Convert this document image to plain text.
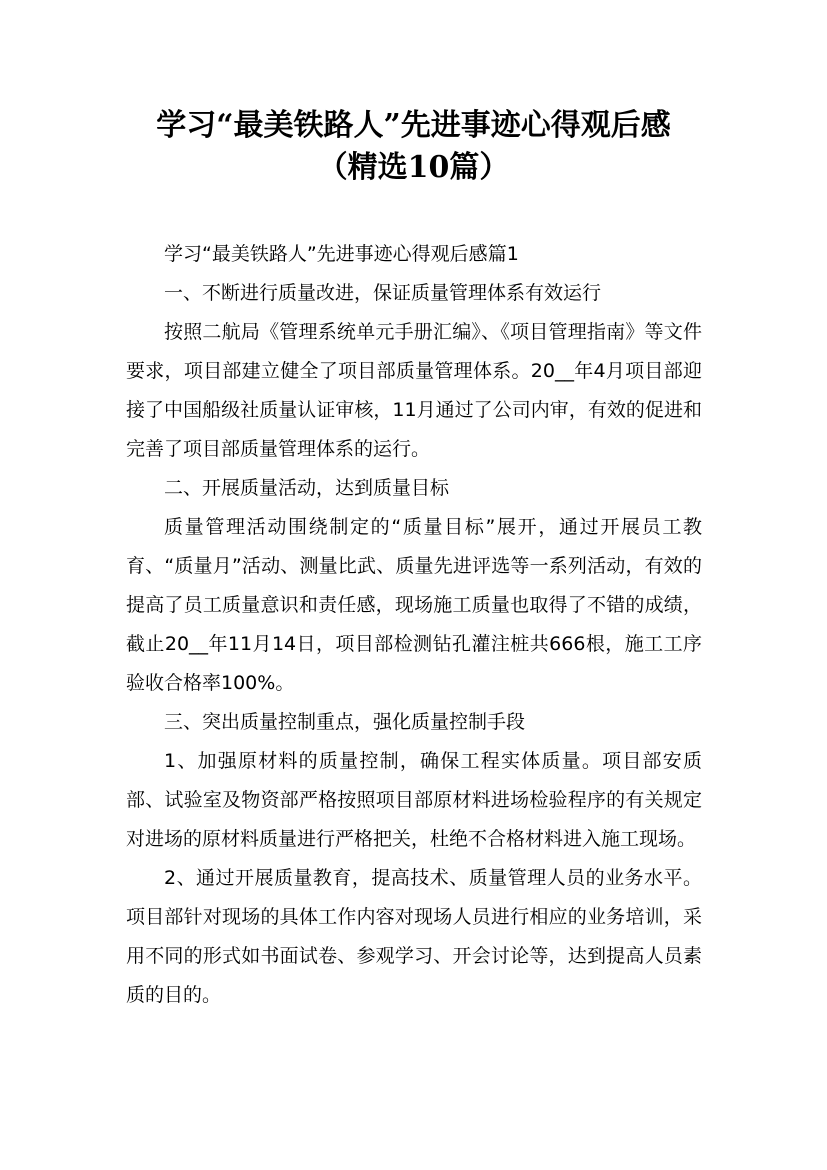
学习“最美铁路人”先进事迹心得观后感
（精选10篇）

学习“最美铁路人”先进事迹心得观后感篇1

一、不断进行质量改进，保证质量管理体系有效运行

按照二航局《管理系统单元手册汇编》、《项目管理指南》等文件要求，项目部建立健全了项目部质量管理体系。20__年4月项目部迎接了中国船级社质量认证审核，11月通过了公司内审，有效的促进和完善了项目部质量管理体系的运行。

二、开展质量活动，达到质量目标

质量管理活动围绕制定的“质量目标”展开，通过开展员工教育、“质量月”活动、测量比武、质量先进评选等一系列活动，有效的提高了员工质量意识和责任感，现场施工质量也取得了不错的成绩，截止20__年11月14日，项目部检测钻孔灌注桩共666根，施工工序验收合格率100%。

三、突出质量控制重点，强化质量控制手段

1、加强原材料的质量控制，确保工程实体质量。项目部安质部、试验室及物资部严格按照项目部原材料进场检验程序的有关规定对进场的原材料质量进行严格把关，杜绝不合格材料进入施工现场。

2、通过开展质量教育，提高技术、质量管理人员的业务水平。项目部针对现场的具体工作内容对现场人员进行相应的业务培训，采用不同的形式如书面试卷、参观学习、开会讨论等，达到提高人员素质的目的。
